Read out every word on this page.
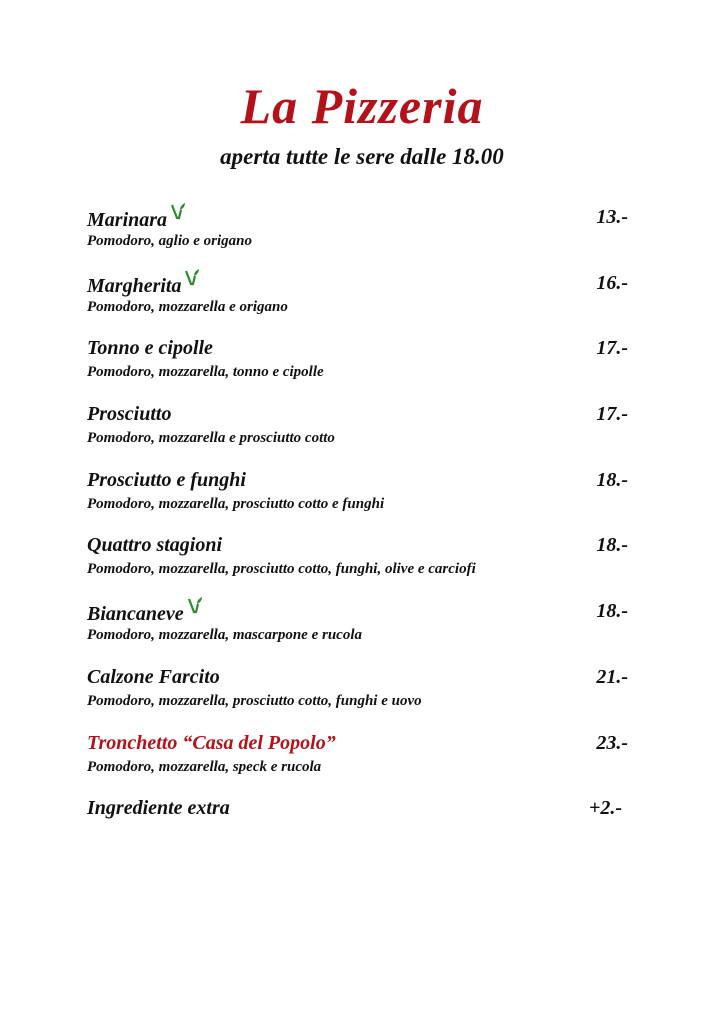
La Pizzeria
aperta tutte le sere dalle 18.00
Marinara	13.-
Pomodoro, aglio e origano
Margherita	16.-
Pomodoro, mozzarella e origano
Tonno e cipolle	17.-
Pomodoro, mozzarella, tonno e cipolle
Prosciutto	17.-
Pomodoro, mozzarella e prosciutto cotto
Prosciutto e funghi	18.-
Pomodoro, mozzarella, prosciutto cotto e funghi
Quattro stagioni	18.-
Pomodoro, mozzarella, prosciutto cotto, funghi, olive e carciofi
Biancaneve	18.-
Pomodoro, mozzarella, mascarpone e rucola
Calzone Farcito	21.-
Pomodoro, mozzarella, prosciutto cotto, funghi e uovo
Tronchetto “Casa del Popolo”	23.-
Pomodoro, mozzarella, speck e rucola
Ingrediente extra	+2.-
